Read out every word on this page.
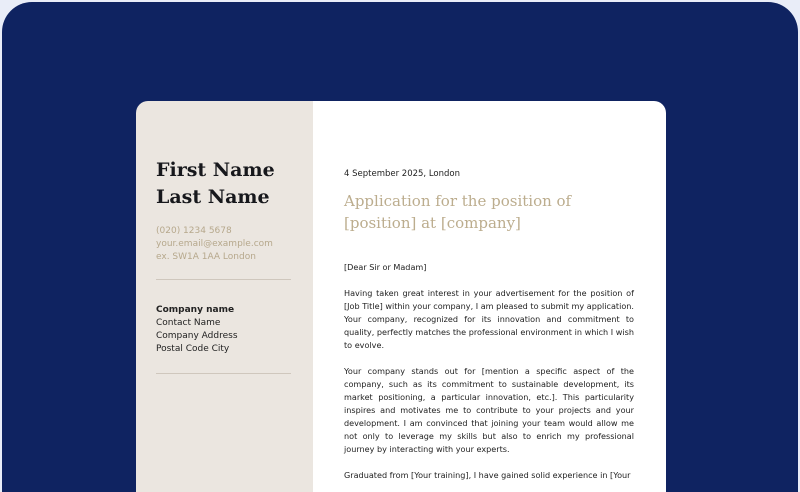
First Name Last Name
(020) 1234 5678
your.email@example.com
ex. SW1A 1AA London
Company name
Contact Name
Company Address
Postal Code City
4 September 2025, London
Application for the position of [position] at [company]

[Dear Sir or Madam]

Having taken great interest in your advertisement for the position of [Job Title] within your company, I am pleased to submit my application. Your company, recognized for its innovation and commitment to quality, perfectly matches the professional environment in which I wish to evolve.

Your company stands out for [mention a specific aspect of the company, such as its commitment to sustainable development, its market positioning, a particular innovation, etc.]. This particularity inspires and motivates me to contribute to your projects and your development. I am convinced that joining your team would allow me not only to leverage my skills but also to enrich my professional journey by interacting with your experts.

Graduated from [Your training], I have gained solid experience in [Your
